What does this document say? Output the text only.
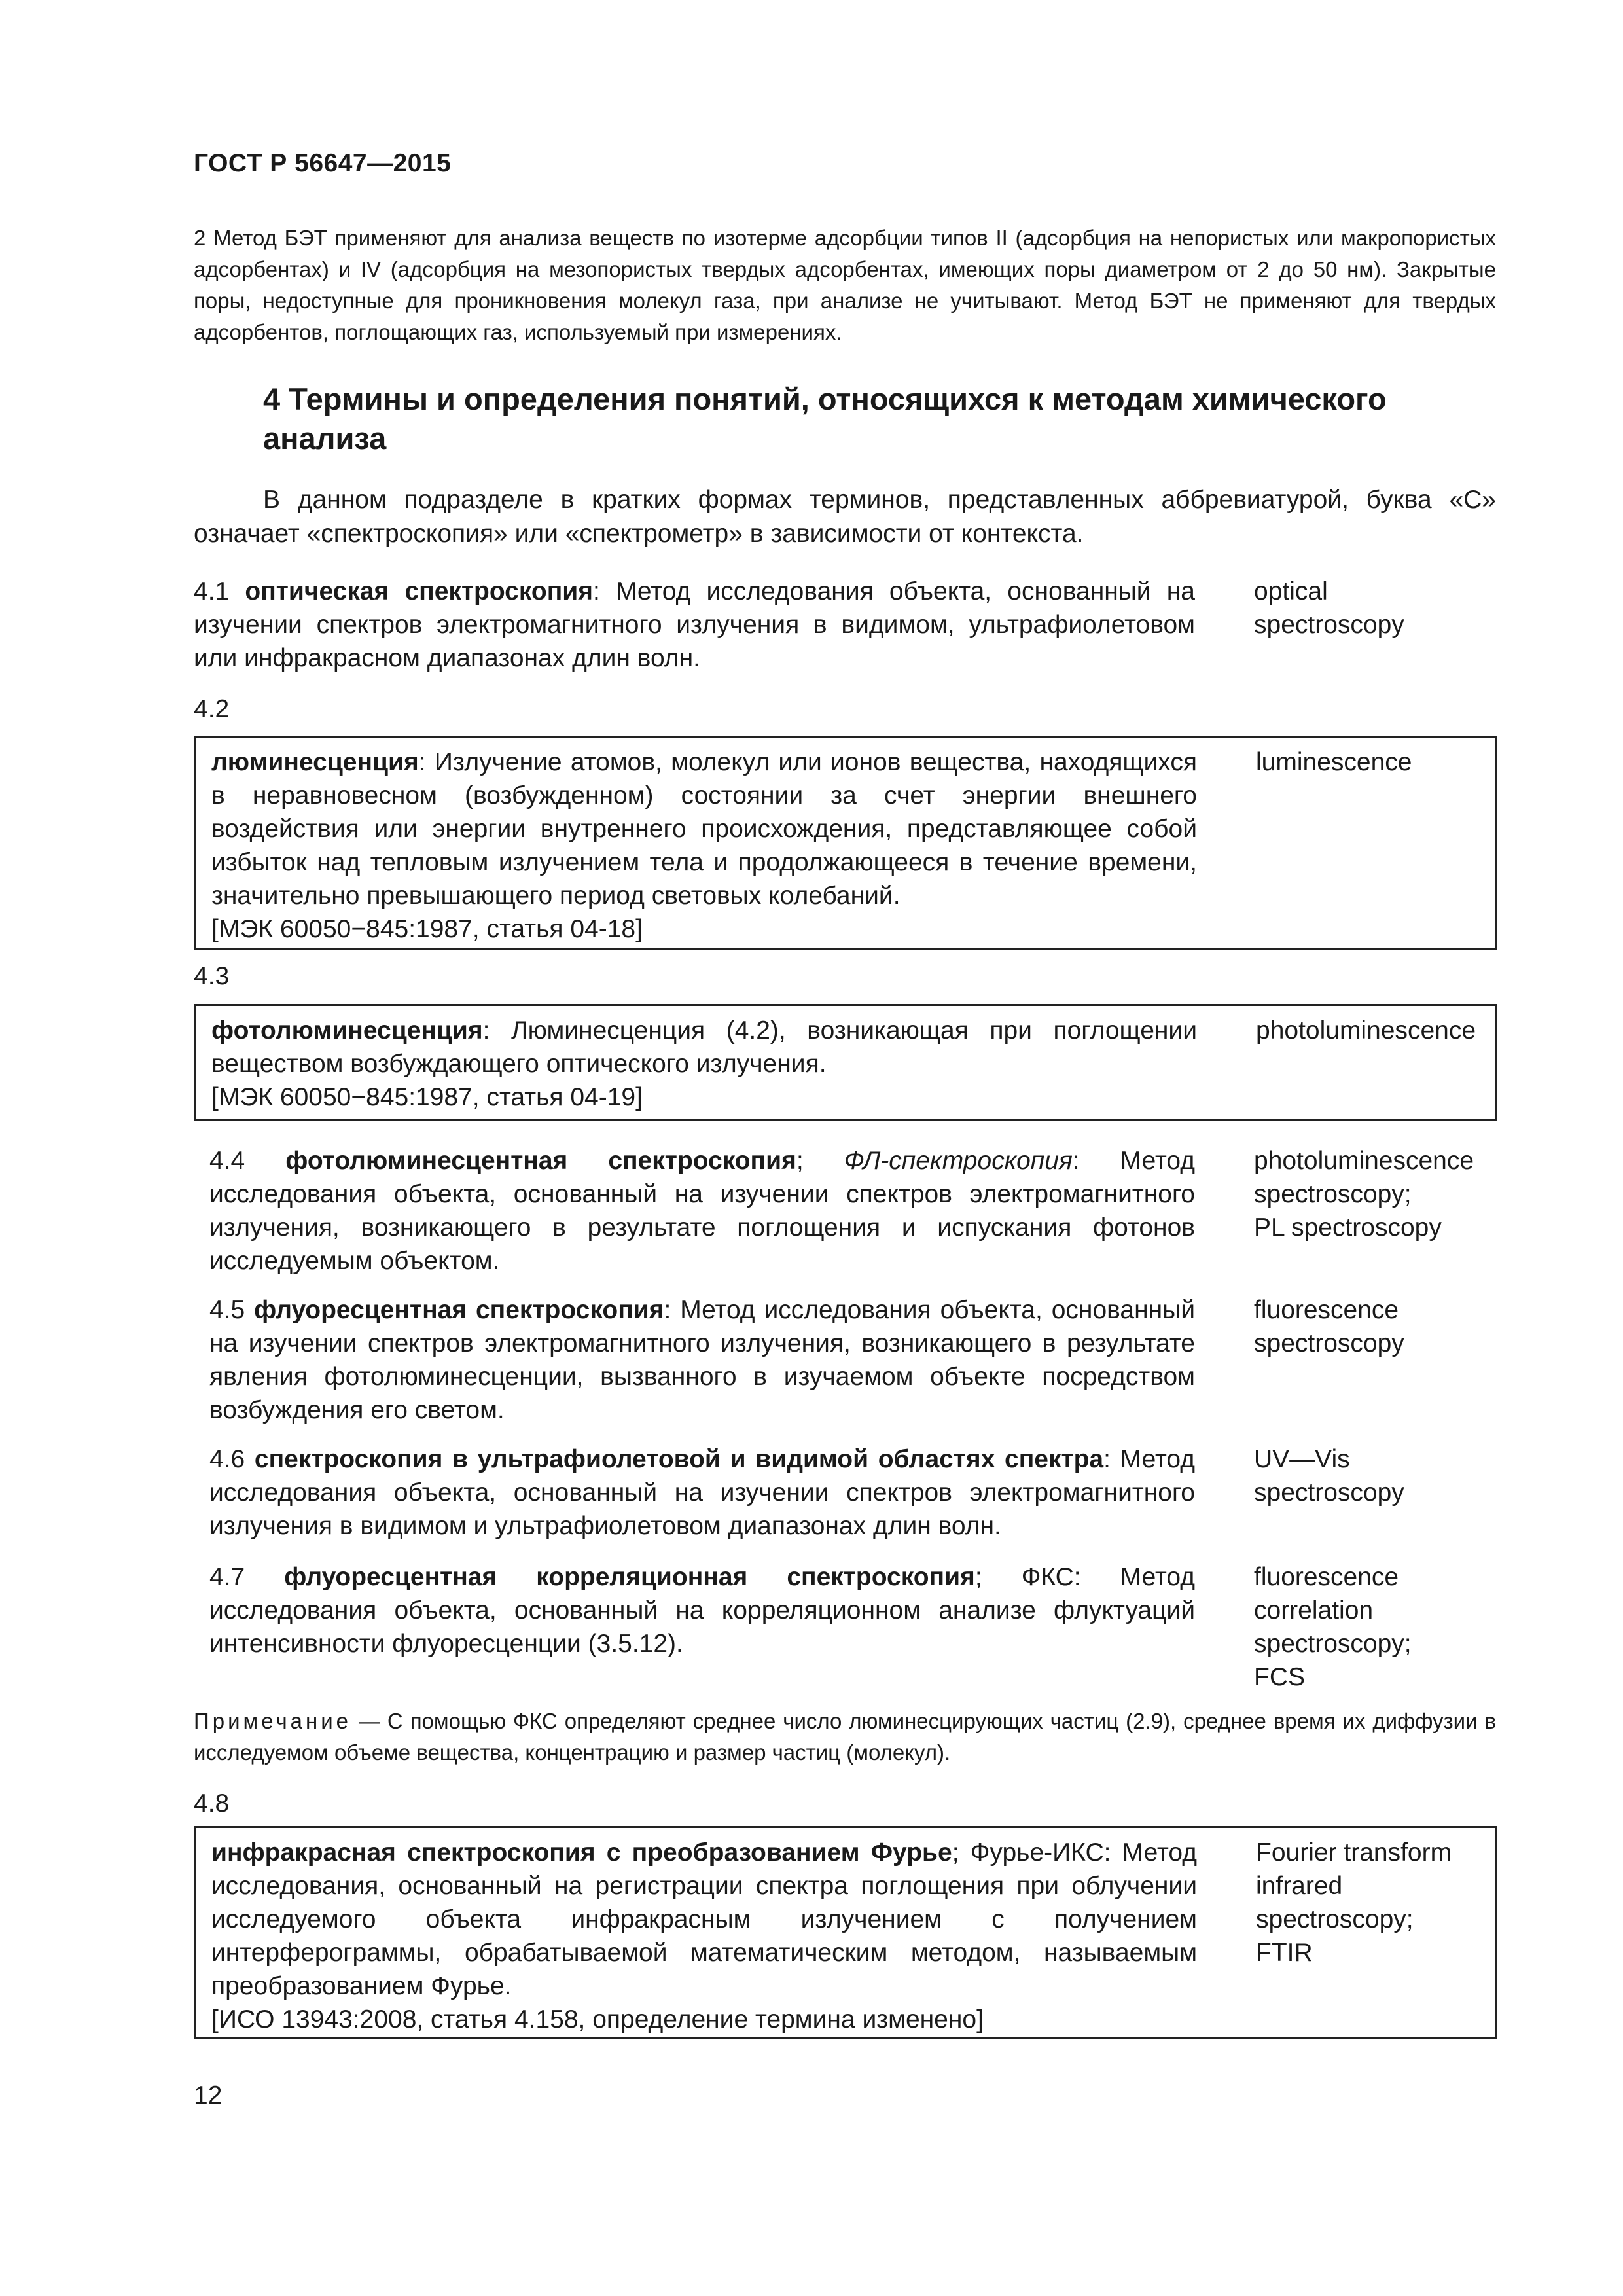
ГОСТ Р 56647—2015
2 Метод БЭТ применяют для анализа веществ по изотерме адсорбции типов II (адсорбция на непористых или макропористых адсорбентах) и IV (адсорбция на мезопористых твердых адсорбентах, имеющих поры диаметром от 2 до 50 нм). Закрытые поры, недоступные для проникновения молекул газа, при анализе не учитывают. Метод БЭТ не применяют для твердых адсорбентов, поглощающих газ, используемый при измерениях.
4 Термины и определения понятий, относящихся к методам химического анализа
В данном подразделе в кратких формах терминов, представленных аббревиатурой, буква «С» означает «спектроскопия» или «спектрометр» в зависимости от контекста.
4.1 оптическая спектроскопия: Метод исследования объекта, основанный на изучении спектров электромагнитного излучения в видимом, ультрафиолетовом или инфракрасном диапазонах длин волн.
optical
spectroscopy
4.2
люминесценция: Излучение атомов, молекул или ионов вещества, находящихся в неравновесном (возбужденном) состоянии за счет энергии внешнего воздействия или энергии внутреннего происхождения, представляющее собой избыток над тепловым излучением тела и продолжающееся в течение времени, значительно превышающего период световых колебаний.
[МЭК 60050−845:1987, статья 04-18]
luminescence
4.3
фотолюминесценция: Люминесценция (4.2), возникающая при поглощении веществом возбуждающего оптического излучения.
[МЭК 60050−845:1987, статья 04-19]
photoluminescence
4.4 фотолюминесцентная спектроскопия; ФЛ-спектроскопия: Метод исследования объекта, основанный на изучении спектров электромагнитного излучения, возникающего в результате поглощения и испускания фотонов исследуемым объектом.
photoluminescence
spectroscopy;
PL spectroscopy
4.5 флуоресцентная спектроскопия: Метод исследования объекта, основанный на изучении спектров электромагнитного излучения, возникающего в результате явления фотолюминесценции, вызванного в изучаемом объекте посредством возбуждения его светом.
fluorescence
spectroscopy
4.6 спектроскопия в ультрафиолетовой и видимой областях спектра: Метод исследования объекта, основанный на изучении спектров электромагнитного излучения в видимом и ультрафиолетовом диапазонах длин волн.
UV—Vis
spectroscopy
4.7 флуоресцентная корреляционная спектроскопия; ФКС: Метод исследования объекта, основанный на корреляционном анализе флуктуаций интенсивности флуоресценции (3.5.12).
fluorescence
correlation
spectroscopy;
FCS
Примечание — С помощью ФКС определяют среднее число люминесцирующих частиц (2.9), среднее время их диффузии в исследуемом объеме вещества, концентрацию и размер частиц (молекул).
4.8
инфракрасная спектроскопия с преобразованием Фурье; Фурье-ИКС: Метод исследования, основанный на регистрации спектра поглощения при облучении исследуемого объекта инфракрасным излучением с получением интерферограммы, обрабатываемой математическим методом, называемым преобразованием Фурье.
[ИСО 13943:2008, статья 4.158, определение термина изменено]
Fourier transform
infrared
spectroscopy;
FTIR
12
